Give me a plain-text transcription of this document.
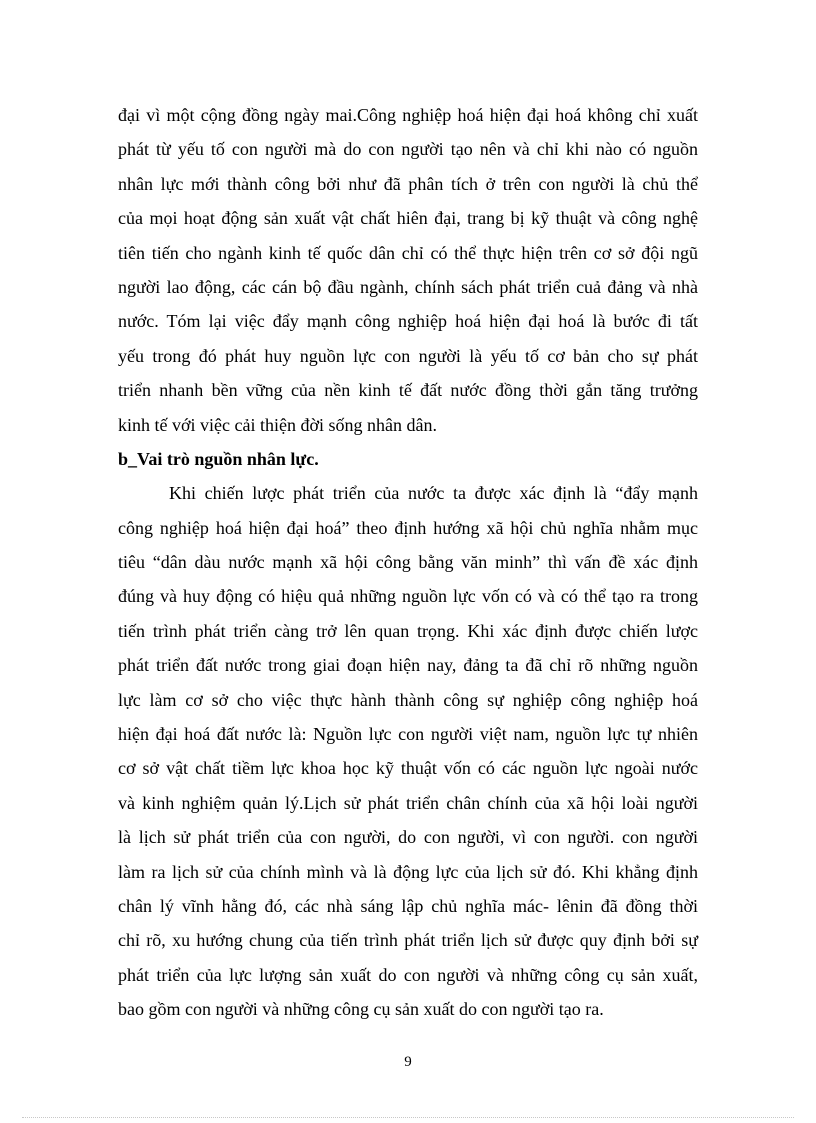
đại vì một cộng đồng ngày mai.Công nghiệp hoá hiện đại hoá không chỉ xuất
phát từ yếu tố con người mà do con người tạo nên và chỉ khi nào có nguồn
nhân lực mới thành công bởi như đã phân tích ở trên con người là chủ thể
của mọi hoạt động sản xuất vật chất hiên đại, trang bị kỹ thuật và công nghệ
tiên tiến cho ngành kinh tế quốc dân chỉ có thể thực hiện trên cơ sở đội ngũ
người lao động, các cán bộ đầu ngành, chính sách phát triển cuả đảng và nhà
nước. Tóm lại việc đẩy mạnh công nghiệp hoá hiện đại hoá là bước đi tất
yếu trong đó phát huy nguồn lực con người là yếu tố cơ bản cho sự phát
triển nhanh bền vững của nền kinh tế đất nước đồng thời gắn tăng trưởng
kinh tế với việc cải thiện đời sống nhân dân.
b_Vai trò nguồn nhân lực.
Khi chiến lược phát triển của nước ta được xác định là “đẩy mạnh
công nghiệp hoá hiện đại hoá” theo định hướng xã hội chủ nghĩa nhằm mục
tiêu “dân dàu nước mạnh xã hội công bằng văn minh” thì vấn đề xác định
đúng và huy động có hiệu quả những nguồn lực vốn có và có thể tạo ra trong
tiến trình phát triển càng trở lên quan trọng. Khi xác định được chiến lược
phát triển đất nước trong giai đoạn hiện nay, đảng ta đã chỉ rõ những nguồn
lực làm cơ sở cho việc thực hành thành công sự nghiệp công nghiệp hoá
hiện đại hoá đất nước là: Nguồn lực con người việt nam, nguồn lực tự nhiên
cơ sở vật chất tiềm lực khoa học kỹ thuật vốn có các nguồn lực ngoài nước
và kinh nghiệm quản lý.Lịch sử phát triển chân chính của xã hội loài người
là lịch sử phát triển của con người, do con người, vì con người. con người
làm ra lịch sử của chính mình và là động lực của lịch sử đó. Khi khẳng định
chân lý vĩnh hằng đó, các nhà sáng lập chủ nghĩa mác- lênin đã đồng thời
chỉ rõ, xu hướng chung của tiến trình phát triển lịch sử được quy định bởi sự
phát triển của lực lượng sản xuất do con người và những công cụ sản xuất,
bao gồm con người và những công cụ sản xuất do con người tạo ra.
9
